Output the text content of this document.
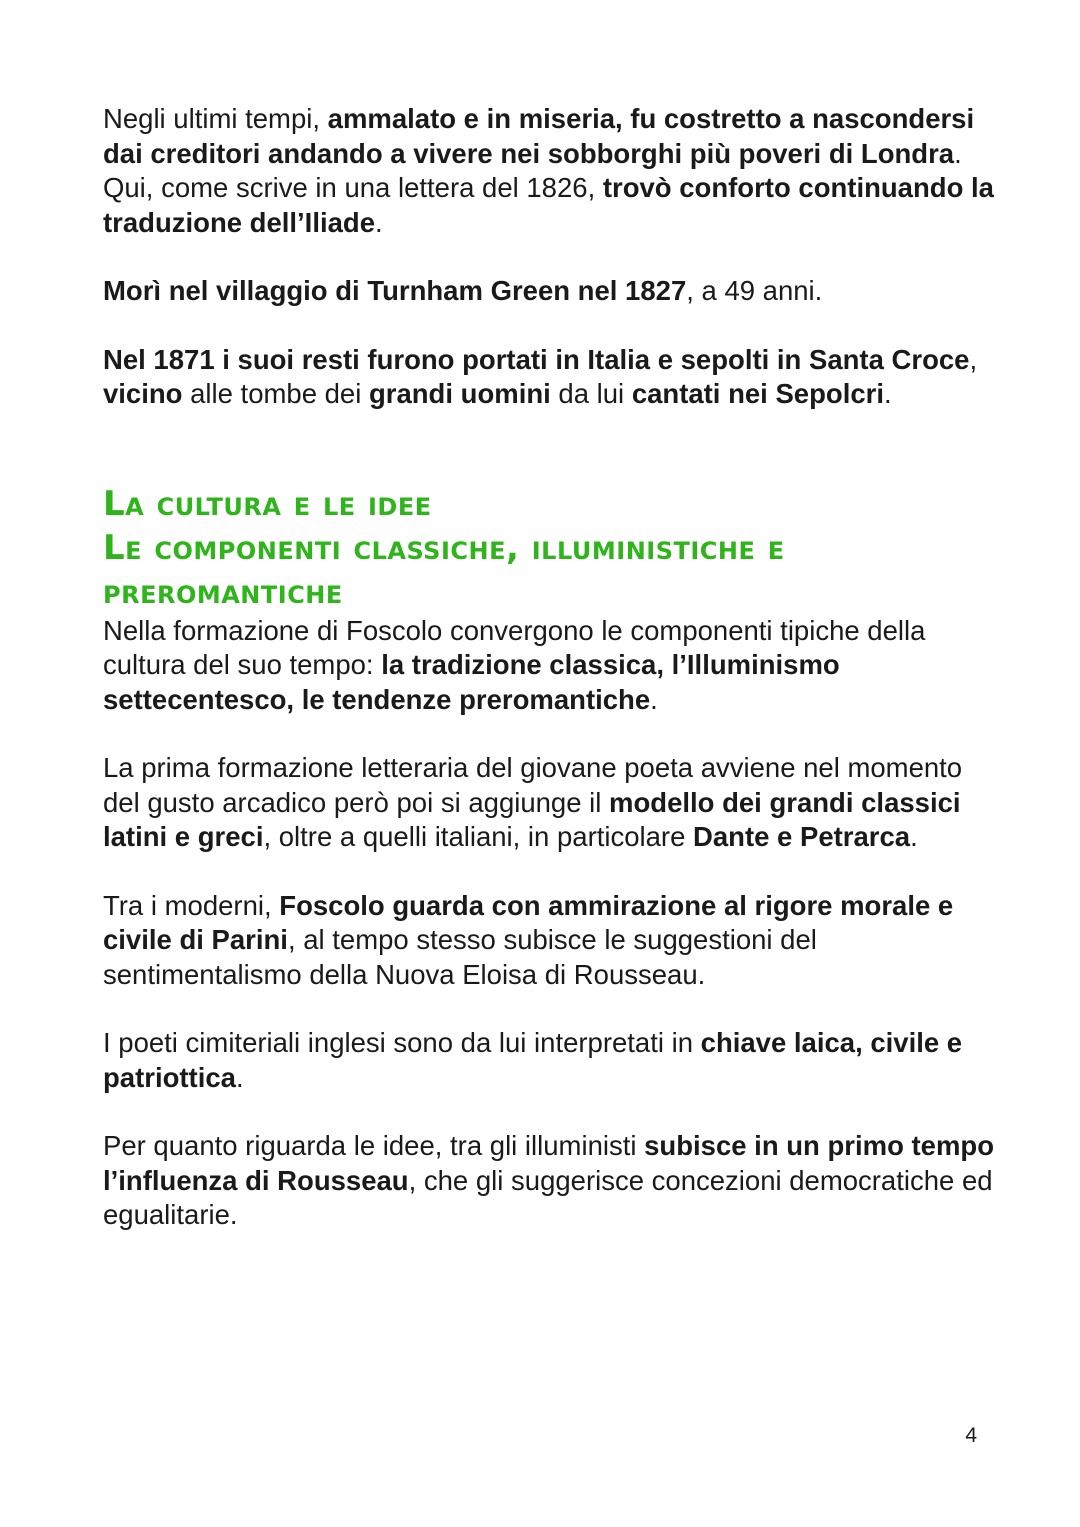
Negli ultimi tempi, ammalato e in miseria, fu costretto a nascondersi dai creditori andando a vivere nei sobborghi più poveri di Londra.

Qui, come scrive in una lettera del 1826, trovò conforto continuando la traduzione dell’Iliade.

Morì nel villaggio di Turnham Green nel 1827, a 49 anni.

Nel 1871 i suoi resti furono portati in Italia e sepolti in Santa Croce, vicino alle tombe dei grandi uomini da lui cantati nei Sepolcri.

La cultura e le idee
Le componenti classiche, illuministiche e preromantiche

Nella formazione di Foscolo convergono le componenti tipiche della cultura del suo tempo: la tradizione classica, l’Illuminismo settecentesco, le tendenze preromantiche.

La prima formazione letteraria del giovane poeta avviene nel momento del gusto arcadico però poi si aggiunge il modello dei grandi classici latini e greci, oltre a quelli italiani, in particolare Dante e Petrarca.

Tra i moderni, Foscolo guarda con ammirazione al rigore morale e civile di Parini, al tempo stesso subisce le suggestioni del sentimentalismo della Nuova Eloisa di Rousseau.

I poeti cimiteriali inglesi sono da lui interpretati in chiave laica, civile e patriottica.

Per quanto riguarda le idee, tra gli illuministi subisce in un primo tempo l’influenza di Rousseau, che gli suggerisce concezioni democratiche ed egualitarie.

4
